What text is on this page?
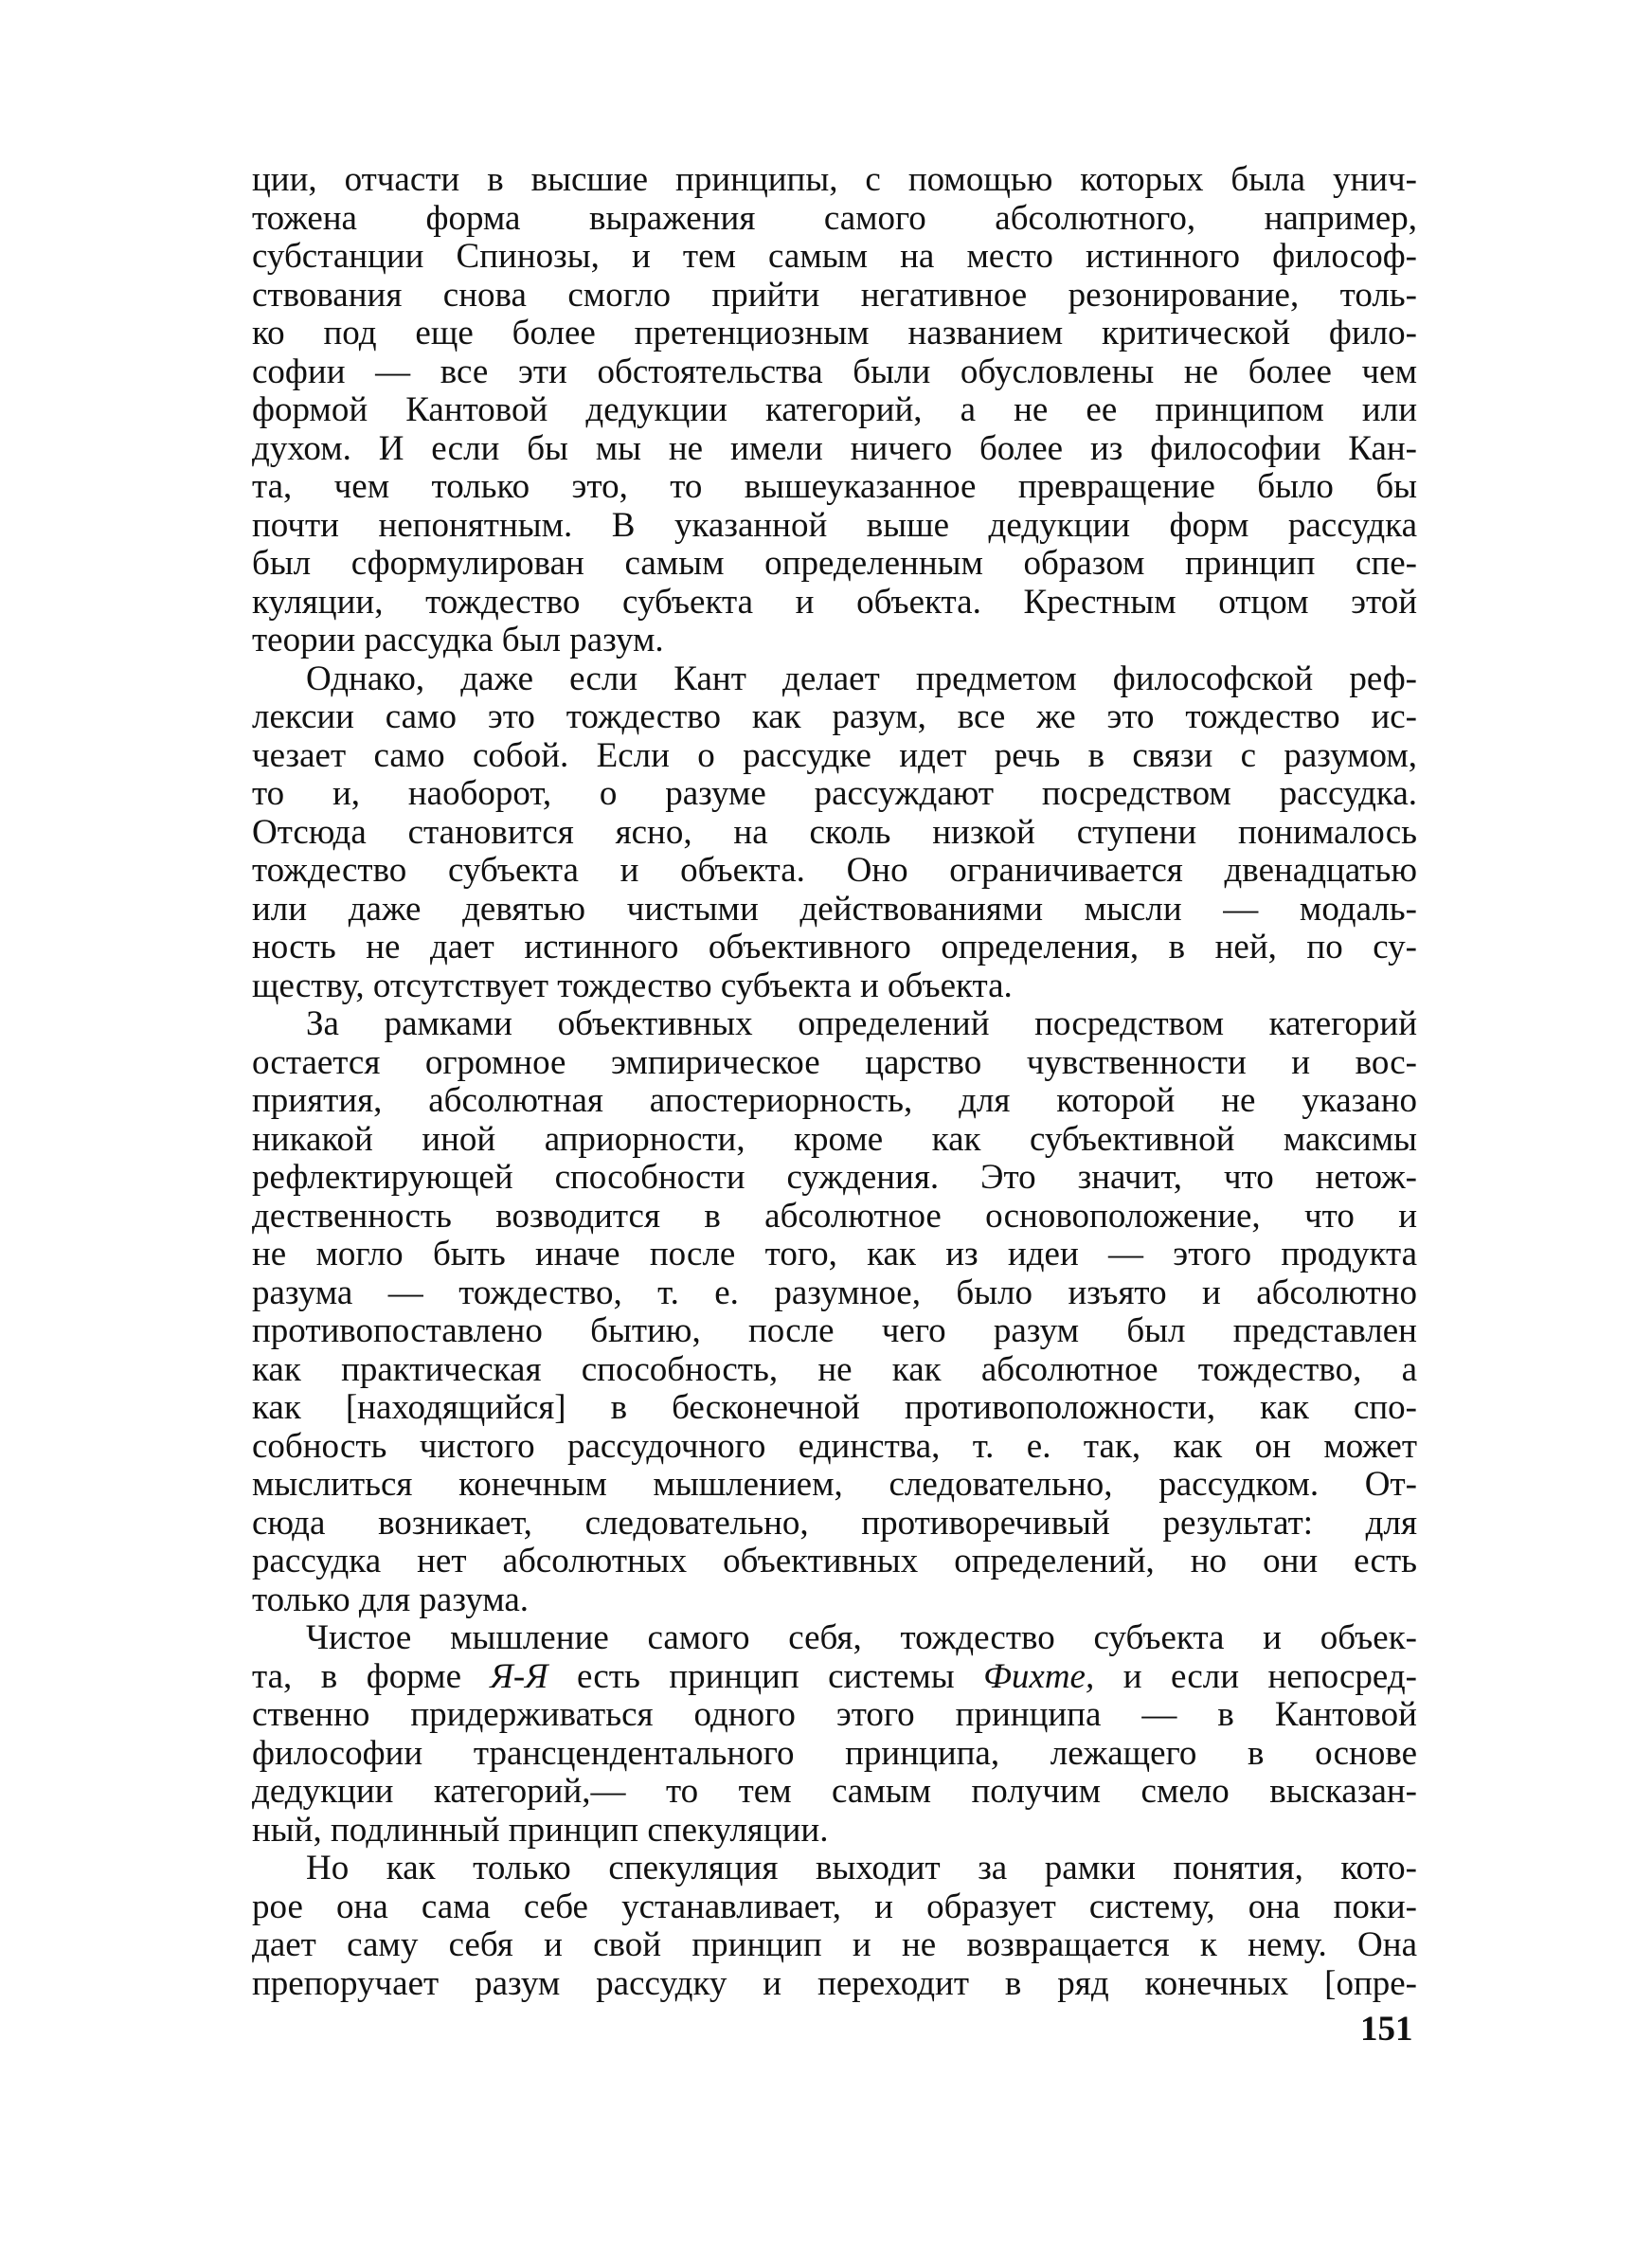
ции, отчасти в высшие принципы, с помощью которых была унич-
тожена форма выражения самого абсолютного, например,
субстанции Спинозы, и тем самым на место истинного философ-
ствования снова смогло прийти негативное резонирование, толь-
ко под еще более претенциозным названием критической фило-
софии — все эти обстоятельства были обусловлены не более чем
формой Кантовой дедукции категорий, а не ее принципом или
духом. И если бы мы не имели ничего более из философии Кан-
та, чем только это, то вышеуказанное превращение было бы
почти непонятным. В указанной выше дедукции форм рассудка
был сформулирован самым определенным образом принцип спе-
куляции, тождество субъекта и объекта. Крестным отцом этой
теории рассудка был разум.
Однако, даже если Кант делает предметом философской реф-
лексии само это тождество как разум, все же это тождество ис-
чезает само собой. Если о рассудке идет речь в связи с разумом,
то и, наоборот, о разуме рассуждают посредством рассудка.
Отсюда становится ясно, на сколь низкой ступени понималось
тождество субъекта и объекта. Оно ограничивается двенадцатью
или даже девятью чистыми действованиями мысли — модаль-
ность не дает истинного объективного определения, в ней, по су-
ществу, отсутствует тождество субъекта и объекта.
За рамками объективных определений посредством категорий
остается огромное эмпирическое царство чувственности и вос-
приятия, абсолютная апостериорность, для которой не указано
никакой иной априорности, кроме как субъективной максимы
рефлектирующей способности суждения. Это значит, что нетож-
дественность возводится в абсолютное основоположение, что и
не могло быть иначе после того, как из идеи — этого продукта
разума — тождество, т. е. разумное, было изъято и абсолютно
противопоставлено бытию, после чего разум был представлен
как практическая способность, не как абсолютное тождество, а
как [находящийся] в бесконечной противоположности, как спо-
собность чистого рассудочного единства, т. е. так, как он может
мыслиться конечным мышлением, следовательно, рассудком. От-
сюда возникает, следовательно, противоречивый результат: для
рассудка нет абсолютных объективных определений, но они есть
только для разума.
Чистое мышление самого себя, тождество субъекта и объек-
та, в форме Я-Я есть принцип системы Фихте, и если непосред-
ственно придерживаться одного этого принципа — в Кантовой
философии трансцендентального принципа, лежащего в основе
дедукции категорий,— то тем самым получим смело высказан-
ный, подлинный принцип спекуляции.
Но как только спекуляция выходит за рамки понятия, кото-
рое она сама себе устанавливает, и образует систему, она поки-
дает саму себя и свой принцип и не возвращается к нему. Она
препоручает разум рассудку и переходит в ряд конечных [опре-
151
